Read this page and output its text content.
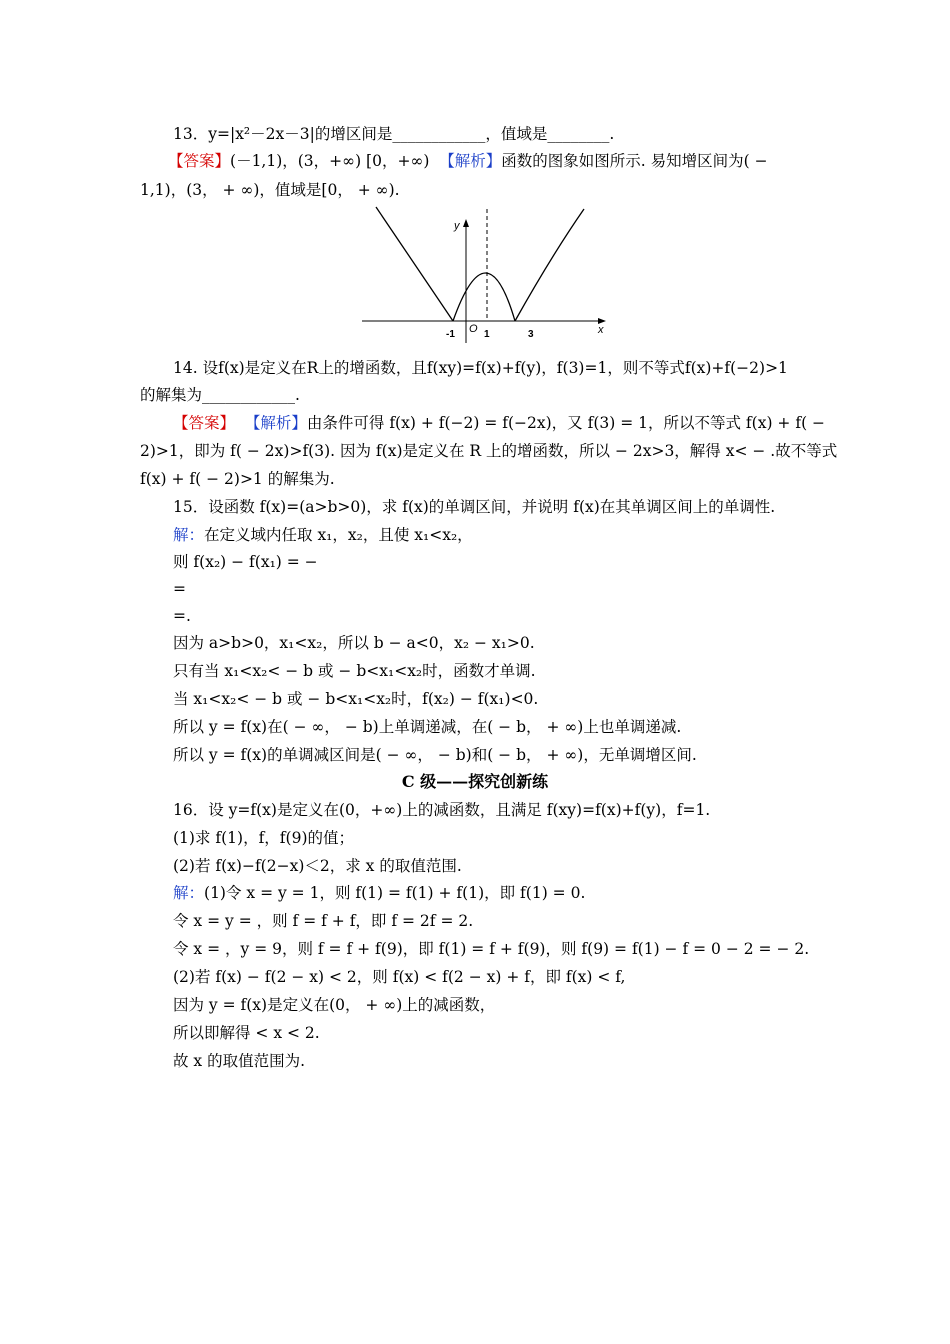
13．y=|x²－2x－3|的增区间是____________，值域是________.
【答案】(－1,1)，(3，+∞) [0，+∞) 【解析】函数的图象如图所示. 易知增区间为( −
1,1)，(3， + ∞)，值域是[0， + ∞).
y
x
O
-1	1	3
14. 设f(x)是定义在R上的增函数，且f(xy)=f(x)+f(y)，f(3)=1，则不等式f(x)+f(−2)>1
的解集为____________.
【答案】 【解析】由条件可得 f(x) + f(−2) = f(−2x)，又 f(3) = 1，所以不等式 f(x) + f( −
2)>1，即为 f( − 2x)>f(3). 因为 f(x)是定义在 R 上的增函数，所以 − 2x>3，解得 x< − .故不等式
f(x) + f( − 2)>1 的解集为.
15．设函数 f(x)=(a>b>0)，求 f(x)的单调区间，并说明 f(x)在其单调区间上的单调性.
解：在定义域内任取 x₁，x₂，且使 x₁<x₂，
则 f(x₂) − f(x₁) = −
=
=.
因为 a>b>0，x₁<x₂，所以 b − a<0，x₂ − x₁>0.
只有当 x₁<x₂< − b 或 − b<x₁<x₂时，函数才单调.
当 x₁<x₂< − b 或 − b<x₁<x₂时，f(x₂) − f(x₁)<0.
所以 y = f(x)在( − ∞， − b)上单调递减，在( − b， + ∞)上也单调递减.
所以 y = f(x)的单调减区间是( − ∞， − b)和( − b， + ∞)，无单调增区间.
C 级——探究创新练
16．设 y=f(x)是定义在(0，+∞)上的减函数，且满足 f(xy)=f(x)+f(y)，f=1.
(1)求 f(1)，f，f(9)的值；
(2)若 f(x)−f(2−x)＜2，求 x 的取值范围.
解：(1)令 x = y = 1，则 f(1) = f(1) + f(1)，即 f(1) = 0.
令 x = y = ，则 f = f + f，即 f = 2f = 2.
令 x = ，y = 9，则 f = f + f(9)，即 f(1) = f + f(9)，则 f(9) = f(1) − f = 0 − 2 = − 2.
(2)若 f(x) − f(2 − x) < 2，则 f(x) < f(2 − x) + f，即 f(x) < f,
因为 y = f(x)是定义在(0， + ∞)上的减函数，
所以即解得 < x < 2.
故 x 的取值范围为.
